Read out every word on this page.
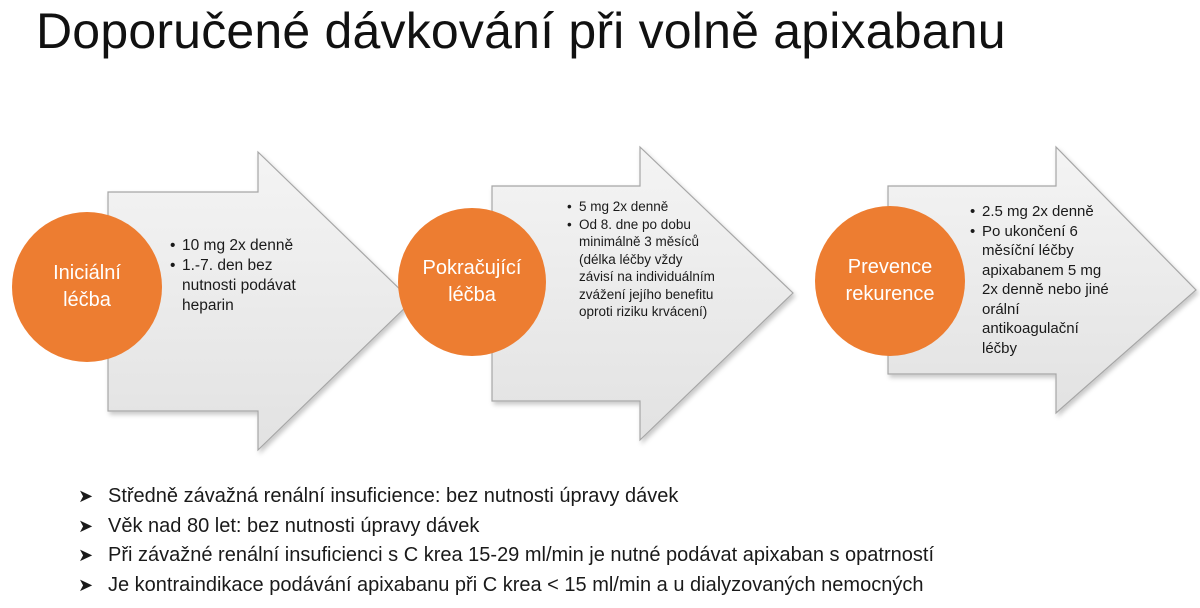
Doporučené dávkování při volně apixabanu
Iniciální
léčba
• 10 mg 2x denně
• 1.-7. den bez nutnosti podávat heparin
Pokračující
léčba
• 5 mg 2x denně
• Od 8. dne po dobu minimálně 3 měsíců (délka léčby vždy závisí na individuálním zvážení jejího benefitu oproti riziku krvácení)
Prevence
rekurence
• 2.5 mg 2x denně
• Po ukončení 6 měsíční léčby apixabanem 5 mg 2x denně nebo jiné orální antikoagulační léčby
➤ Středně závažná renální insuficience: bez nutnosti úpravy dávek
➤ Věk nad 80 let: bez nutnosti úpravy dávek
➤ Při závažné renální insuficienci s C krea 15-29 ml/min je nutné podávat apixaban s opatrností
➤ Je kontraindikace podávání apixabanu při C krea < 15 ml/min a u dialyzovaných nemocných
